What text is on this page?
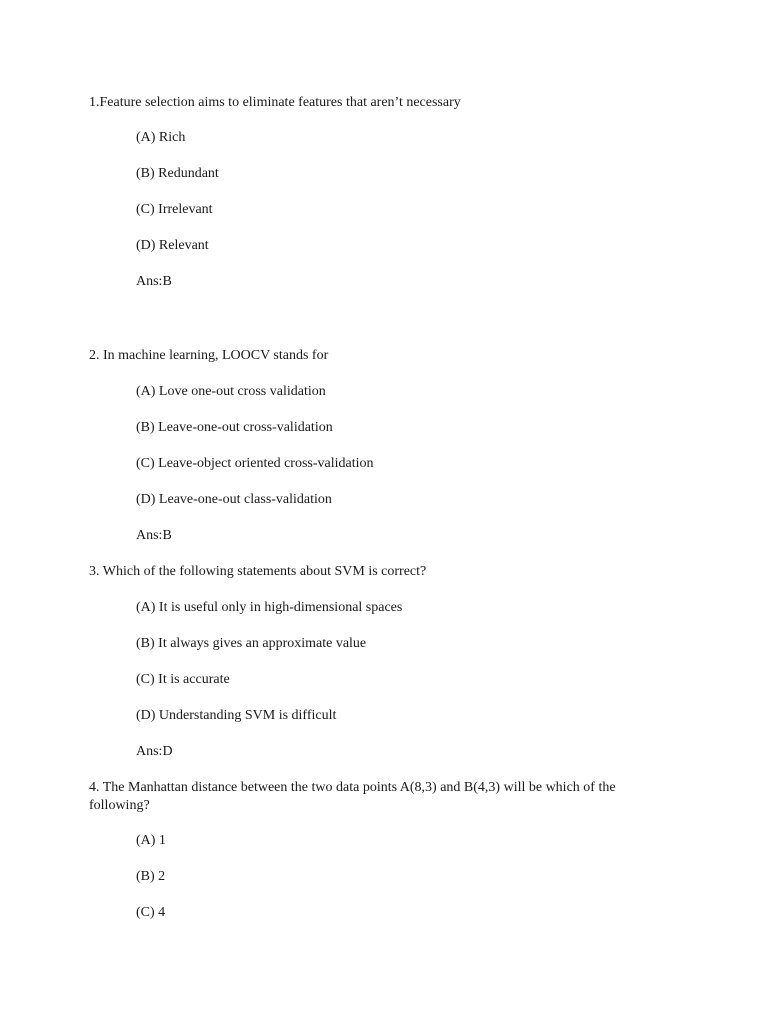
1.Feature selection aims to eliminate features that aren’t necessary
(A) Rich
(B) Redundant
(C) Irrelevant
(D) Relevant
Ans:B
2. In machine learning, LOOCV stands for
(A) Love one-out cross validation
(B) Leave-one-out cross-validation
(C) Leave-object oriented cross-validation
(D) Leave-one-out class-validation
Ans:B
3. Which of the following statements about SVM is correct?
(A) It is useful only in high-dimensional spaces
(B) It always gives an approximate value
(C) It is accurate
(D) Understanding SVM is difficult
Ans:D
4. The Manhattan distance between the two data points A(8,3) and B(4,3) will be which of the following?
(A) 1
(B) 2
(C) 4
